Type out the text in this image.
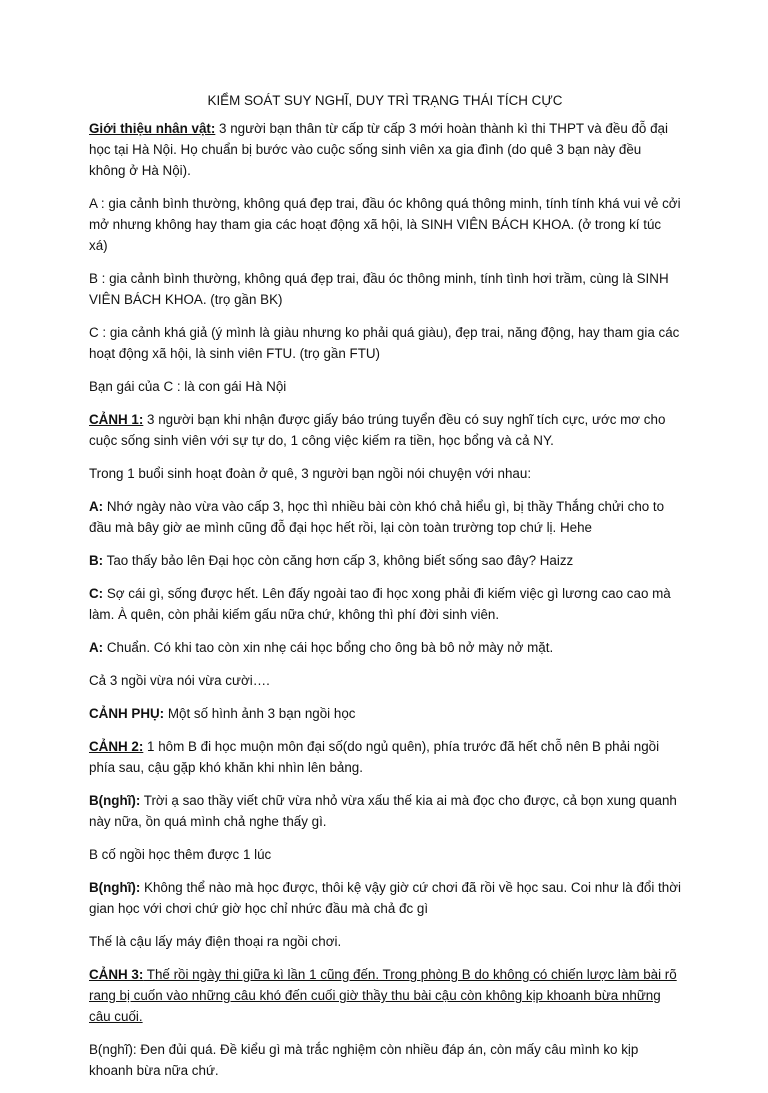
KIỂM SOÁT SUY NGHĨ, DUY TRÌ TRẠNG THÁI TÍCH CỰC

Giới thiệu nhân vật: 3 người bạn thân từ cấp từ cấp 3 mới hoàn thành kì thi THPT và đều đỗ đại học tại Hà Nội. Họ chuẩn bị bước vào cuộc sống sinh viên xa gia đình (do quê 3 bạn này đều không ở Hà Nội).

A : gia cảnh bình thường, không quá đẹp trai, đầu óc không quá thông minh, tính tính khá vui vẻ cởi mở nhưng không hay tham gia các hoạt động xã hội, là SINH VIÊN BÁCH KHOA. (ở trong kí túc xá)

B : gia cảnh bình thường, không quá đẹp trai, đầu óc thông minh, tính tình hơi trầm, cùng là SINH VIÊN BÁCH KHOA. (trọ gần BK)

C : gia cảnh khá giả (ý mình là giàu nhưng ko phải quá giàu), đẹp trai, năng động, hay tham gia các hoạt động xã hội, là sinh viên FTU. (trọ gần FTU)

Bạn gái của C : là con gái Hà Nội

CẢNH 1: 3 người bạn khi nhận được giấy báo trúng tuyển đều có suy nghĩ tích cực, ước mơ cho cuộc sống sinh viên với sự tự do, 1 công việc kiếm ra tiền, học bổng và cả NY.

Trong 1 buổi sinh hoạt đoàn ở quê, 3 người bạn ngồi nói chuyện với nhau:

A: Nhớ ngày nào vừa vào cấp 3, học thì nhiều bài còn khó chả hiểu gì, bị thầy Thắng chửi cho to đầu mà bây giờ ae mình cũng đỗ đại học hết rồi, lại còn toàn trường top chứ lị. Hehe

B: Tao thấy bảo lên Đại học còn căng hơn cấp 3, không biết sống sao đây? Haizz

C: Sợ cái gì, sống được hết. Lên đấy ngoài tao đi học xong phải đi kiếm việc gì lương cao cao mà làm. À quên, còn phải kiếm gấu nữa chứ, không thì phí đời sinh viên.

A: Chuẩn. Có khi tao còn xin nhẹ cái học bổng cho ông bà bô nở mày nở mặt.

Cả 3 ngồi vừa nói vừa cười….

CẢNH PHỤ: Một số hình ảnh 3 bạn ngồi học

CẢNH 2: 1 hôm B đi học muộn môn đại số(do ngủ quên), phía trước đã hết chỗ nên B phải ngồi phía sau, cậu gặp khó khăn khi nhìn lên bảng.

B(nghĩ): Trời ạ sao thầy viết chữ vừa nhỏ vừa xấu thế kia ai mà đọc cho được, cả bọn xung quanh này nữa, ồn quá mình chả nghe thấy gì.

B cố ngồi học thêm được 1 lúc

B(nghĩ): Không thể nào mà học được, thôi kệ vậy giờ cứ chơi đã rồi về học sau. Coi như là đổi thời gian học với chơi chứ giờ học chỉ nhức đầu mà chả đc gì

Thế là cậu lấy máy điện thoại ra ngồi chơi.

CẢNH 3: Thế rồi ngày thi giữa kì lần 1 cũng đến. Trong phòng B do không có chiến lược làm bài rõ rang bị cuốn vào những câu khó đến cuối giờ thầy thu bài cậu còn không kịp khoanh bừa những câu cuối.

B(nghĩ): Đen đủi quá. Đề kiểu gì mà trắc nghiệm còn nhiều đáp án, còn mấy câu mình ko kịp khoanh bừa nữa chứ.
